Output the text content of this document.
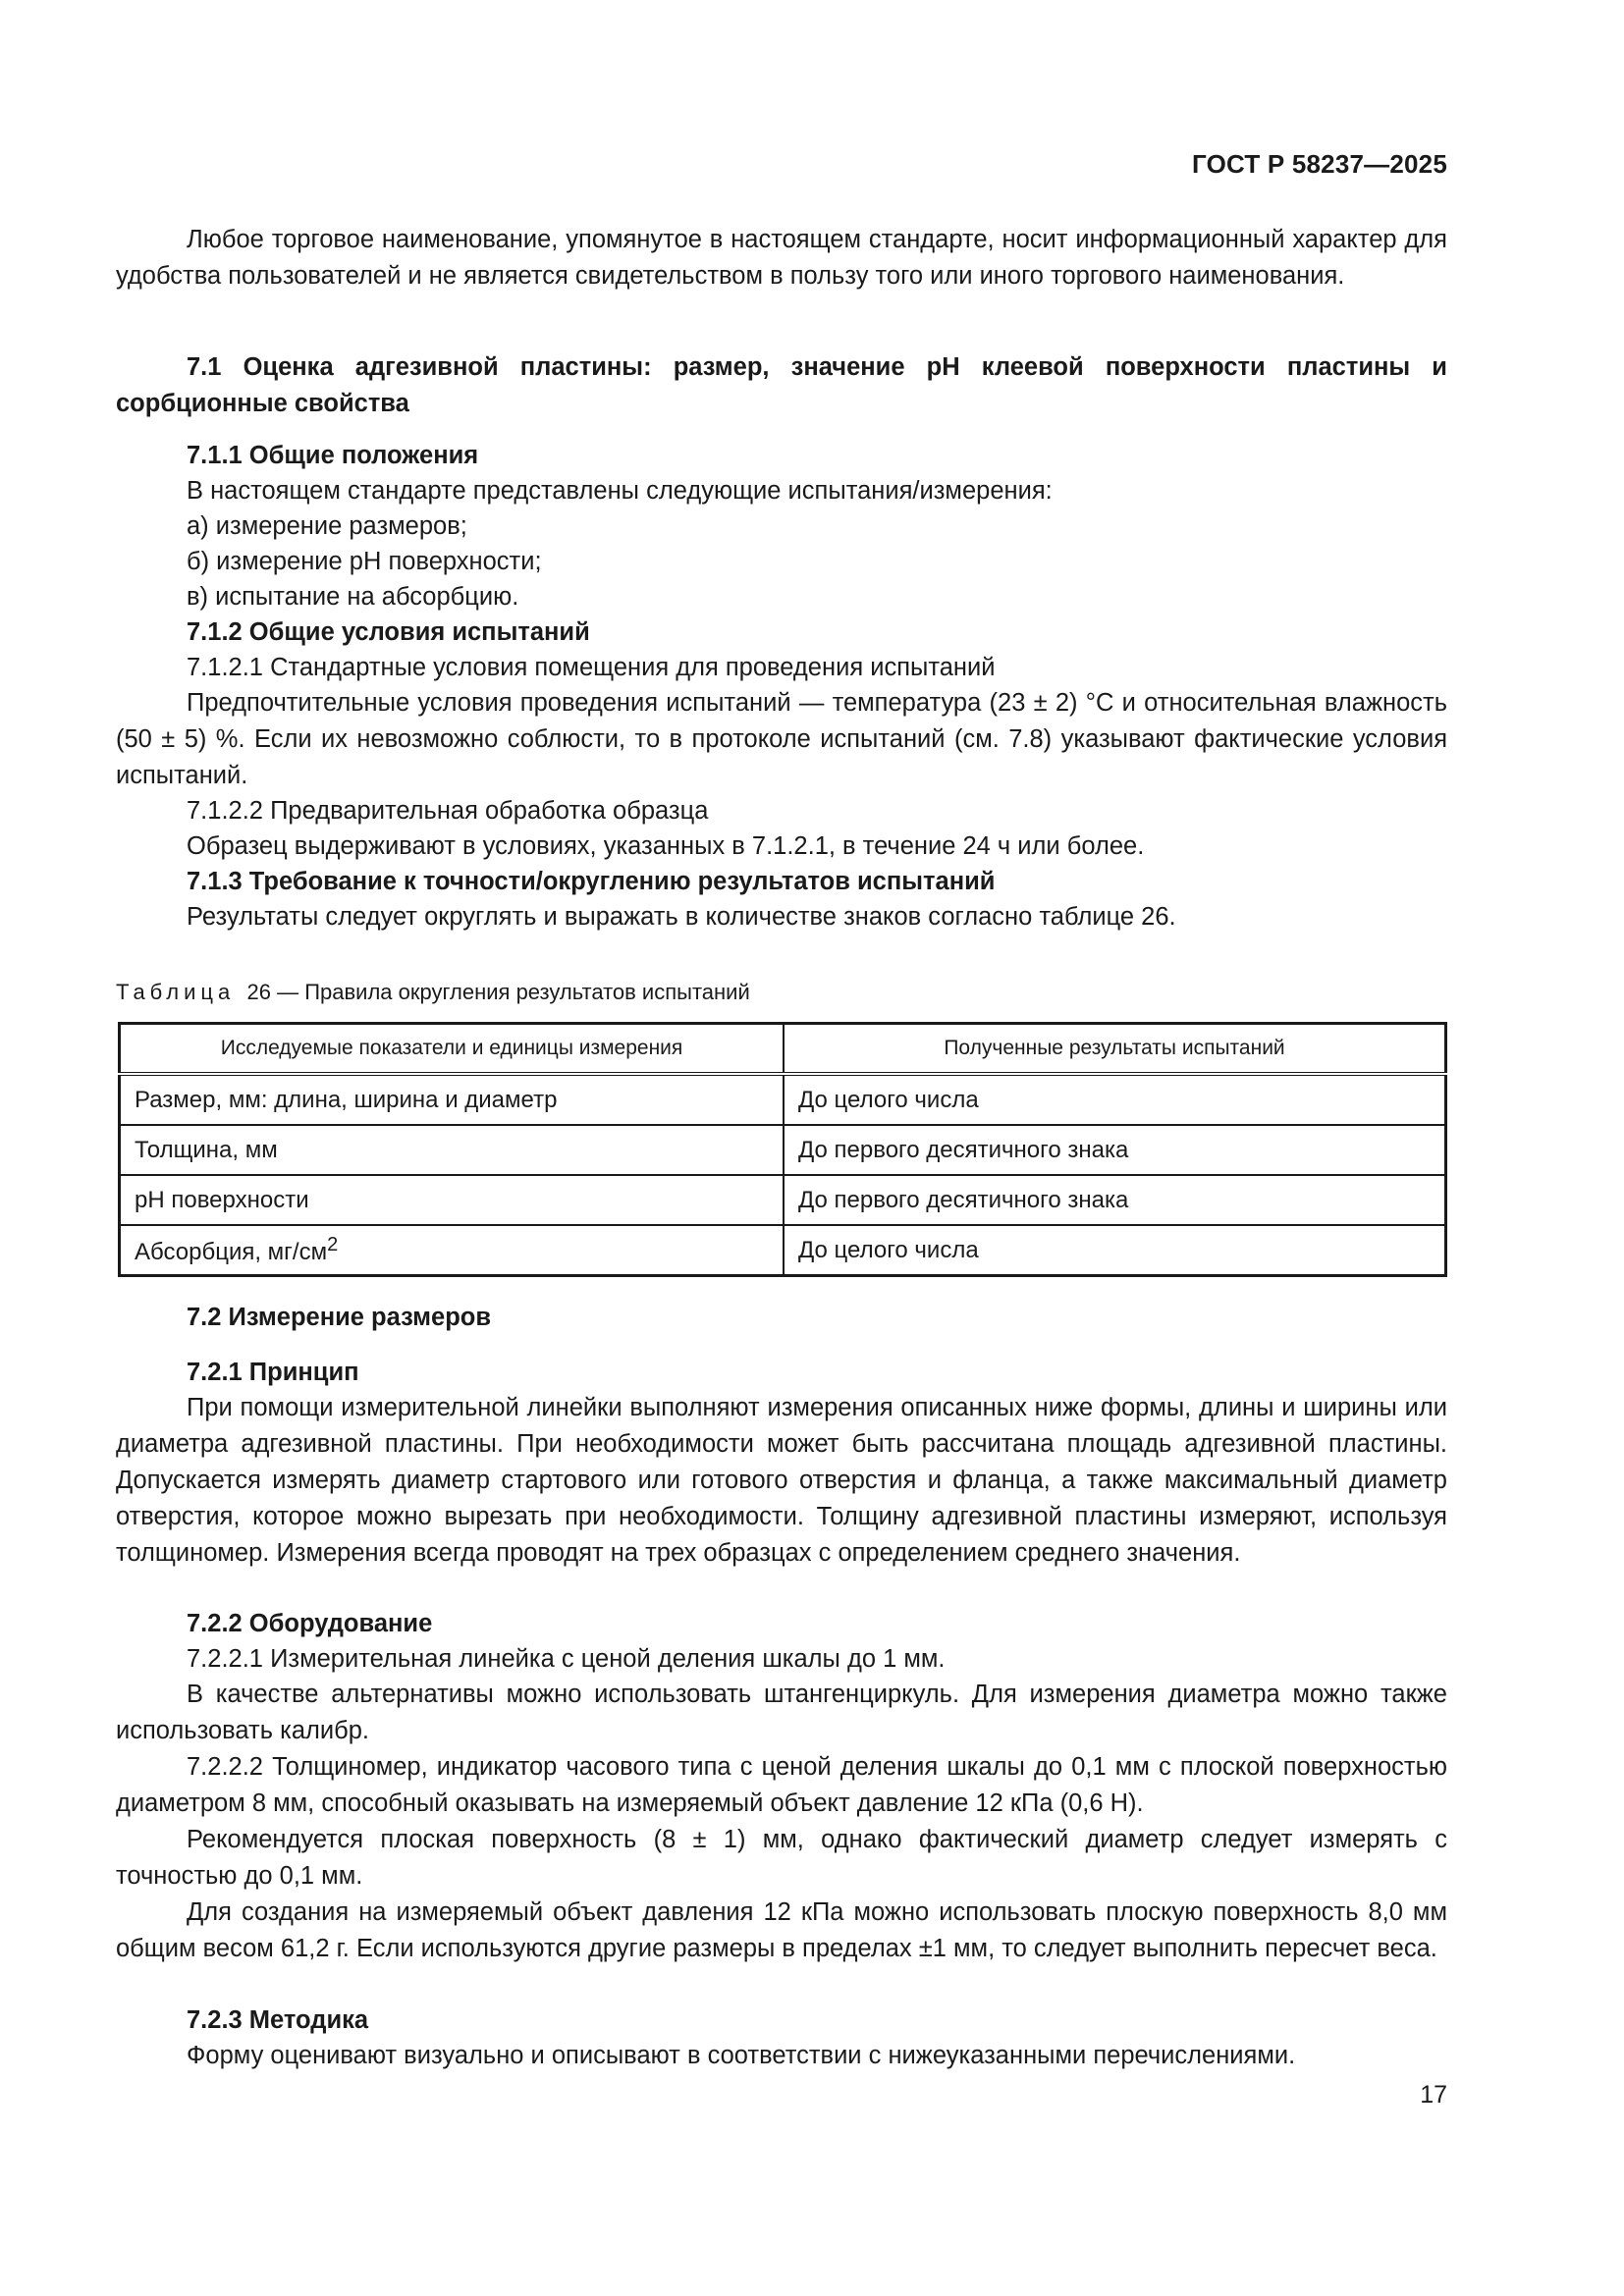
ГОСТ Р 58237—2025
Любое торговое наименование, упомянутое в настоящем стандарте, носит информационный характер для удобства пользователей и не является свидетельством в пользу того или иного торгового наименования.
7.1 Оценка адгезивной пластины: размер, значение рН клеевой поверхности пластины и сорбционные свойства
7.1.1 Общие положения
В настоящем стандарте представлены следующие испытания/измерения:
а) измерение размеров;
б) измерение рН поверхности;
в) испытание на абсорбцию.
7.1.2 Общие условия испытаний
7.1.2.1 Стандартные условия помещения для проведения испытаний
Предпочтительные условия проведения испытаний — температура (23 ± 2) °С и относительная влажность (50 ± 5) %. Если их невозможно соблюсти, то в протоколе испытаний (см. 7.8) указывают фактические условия испытаний.
7.1.2.2 Предварительная обработка образца
Образец выдерживают в условиях, указанных в 7.1.2.1, в течение 24 ч или более.
7.1.3 Требование к точности/округлению результатов испытаний
Результаты следует округлять и выражать в количестве знаков согласно таблице 26.
Таблица 26 — Правила округления результатов испытаний
Исследуемые показатели и единицы измерения	Полученные результаты испытаний
Размер, мм: длина, ширина и диаметр	До целого числа
Толщина, мм	До первого десятичного знака
рН поверхности	До первого десятичного знака
Абсорбция, $мг/см^2$	До целого числа
7.2 Измерение размеров
7.2.1 Принцип
При помощи измерительной линейки выполняют измерения описанных ниже формы, длины и ширины или диаметра адгезивной пластины. При необходимости может быть рассчитана площадь адгезивной пластины. Допускается измерять диаметр стартового или готового отверстия и фланца, а также максимальный диаметр отверстия, которое можно вырезать при необходимости. Толщину адгезивной пластины измеряют, используя толщиномер. Измерения всегда проводят на трех образцах с определением среднего значения.
7.2.2 Оборудование
7.2.2.1 Измерительная линейка с ценой деления шкалы до 1 мм.
В качестве альтернативы можно использовать штангенциркуль. Для измерения диаметра можно также использовать калибр.
7.2.2.2 Толщиномер, индикатор часового типа с ценой деления шкалы до 0,1 мм с плоской поверхностью диаметром 8 мм, способный оказывать на измеряемый объект давление 12 кПа (0,6 Н).
Рекомендуется плоская поверхность (8 ± 1) мм, однако фактический диаметр следует измерять с точностью до 0,1 мм.
Для создания на измеряемый объект давления 12 кПа можно использовать плоскую поверхность 8,0 мм общим весом 61,2 г. Если используются другие размеры в пределах ±1 мм, то следует выполнить пересчет веса.
7.2.3 Методика
Форму оценивают визуально и описывают в соответствии с нижеуказанными перечислениями.
17
